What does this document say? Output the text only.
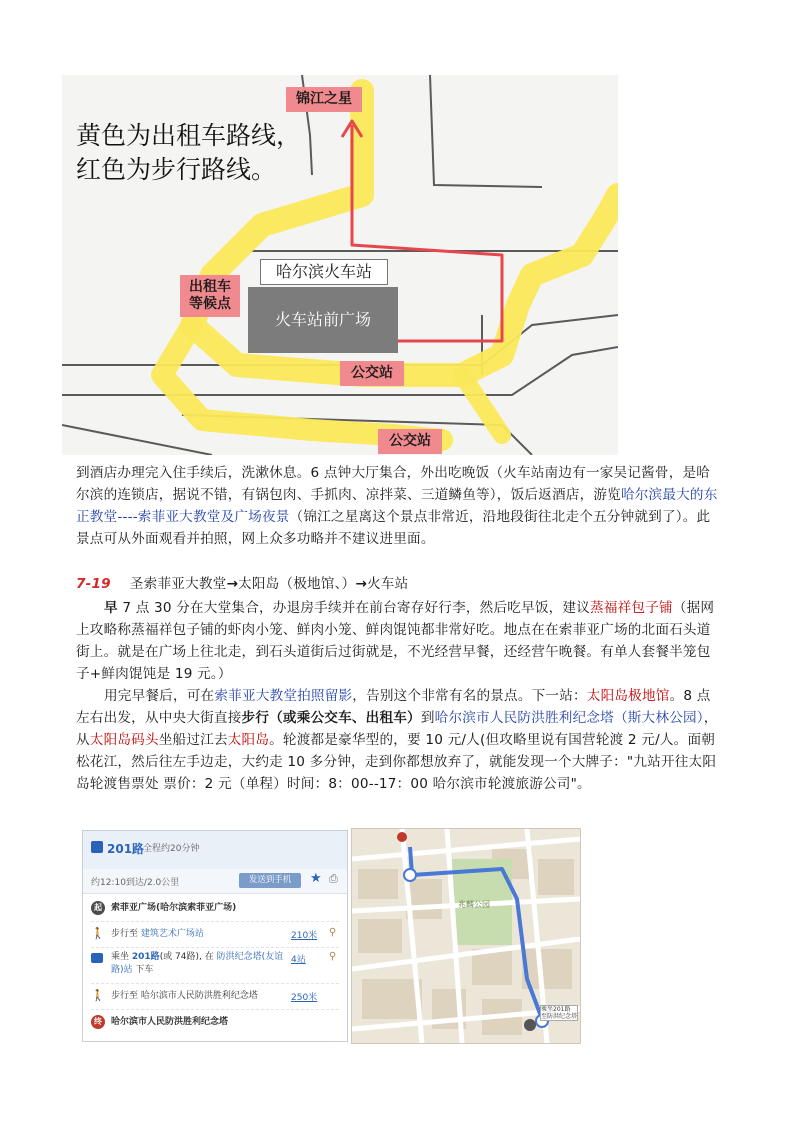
黄色为出租车路线，
红色为步行路线。
锦江之星
出租车
等候点
哈尔滨火车站
火车站前广场
公交站
公交站
到酒店办理完入住手续后，洗漱休息。6 点钟大厅集合，外出吃晚饭（火车站南边有一家吴记酱骨，是哈尔滨的连锁店，据说不错，有锅包肉、手抓肉、凉拌菜、三道鳞鱼等），饭后返酒店，游览哈尔滨最大的东正教堂----索菲亚大教堂及广场夜景（锦江之星离这个景点非常近，沿地段街往北走个五分钟就到了）。此景点可从外面观看并拍照，网上众多功略并不建议进里面。
7-19 圣索菲亚大教堂→太阳岛（极地馆、）→火车站
早 7 点 30 分在大堂集合，办退房手续并在前台寄存好行李，然后吃早饭，建议蒸福祥包子铺（据网上攻略称蒸福祥包子铺的虾肉小笼、鲜肉小笼、鲜肉馄饨都非常好吃。地点在在索菲亚广场的北面石头道街上。就是在广场上往北走，到石头道街后过街就是，不光经营早餐，还经营午晚餐。有单人套餐半笼包子+鲜肉馄饨是 19 元。）
用完早餐后，可在索菲亚大教堂拍照留影，告别这个非常有名的景点。下一站：太阳岛极地馆。8 点左右出发，从中央大街直接步行（或乘公交车、出租车）到哈尔滨市人民防洪胜利纪念塔（斯大林公园），从太阳岛码头坐船过江去太阳岛。轮渡都是豪华型的，要 10 元/人(但攻略里说有国营轮渡 2 元/人。面朝松花江，然后往左手边走，大约走 10 多分钟，走到你都想放弃了，就能发现一个大牌子："九站开往太阳岛轮渡售票处 票价：2 元（单程）时间：8：00--17：00 哈尔滨市轮渡旅游公司"。
201路
全程约20分钟
约12:10到达/2.0公里	发送到手机	★ ⎙
起	索菲亚广场(哈尔滨索菲亚广场)
🚶 步行至 建筑艺术广场站	210米 ⚲
乘坐 201路(或 74路), 在 防洪纪念塔(友谊路)站 下车
4站 ⚲
🚶 步行至 哈尔滨市人民防洪胜利纪念塔	250米
终	哈尔滨市人民防洪胜利纪念塔
兆麟公园
乘坐201路
至防洪纪念塔
